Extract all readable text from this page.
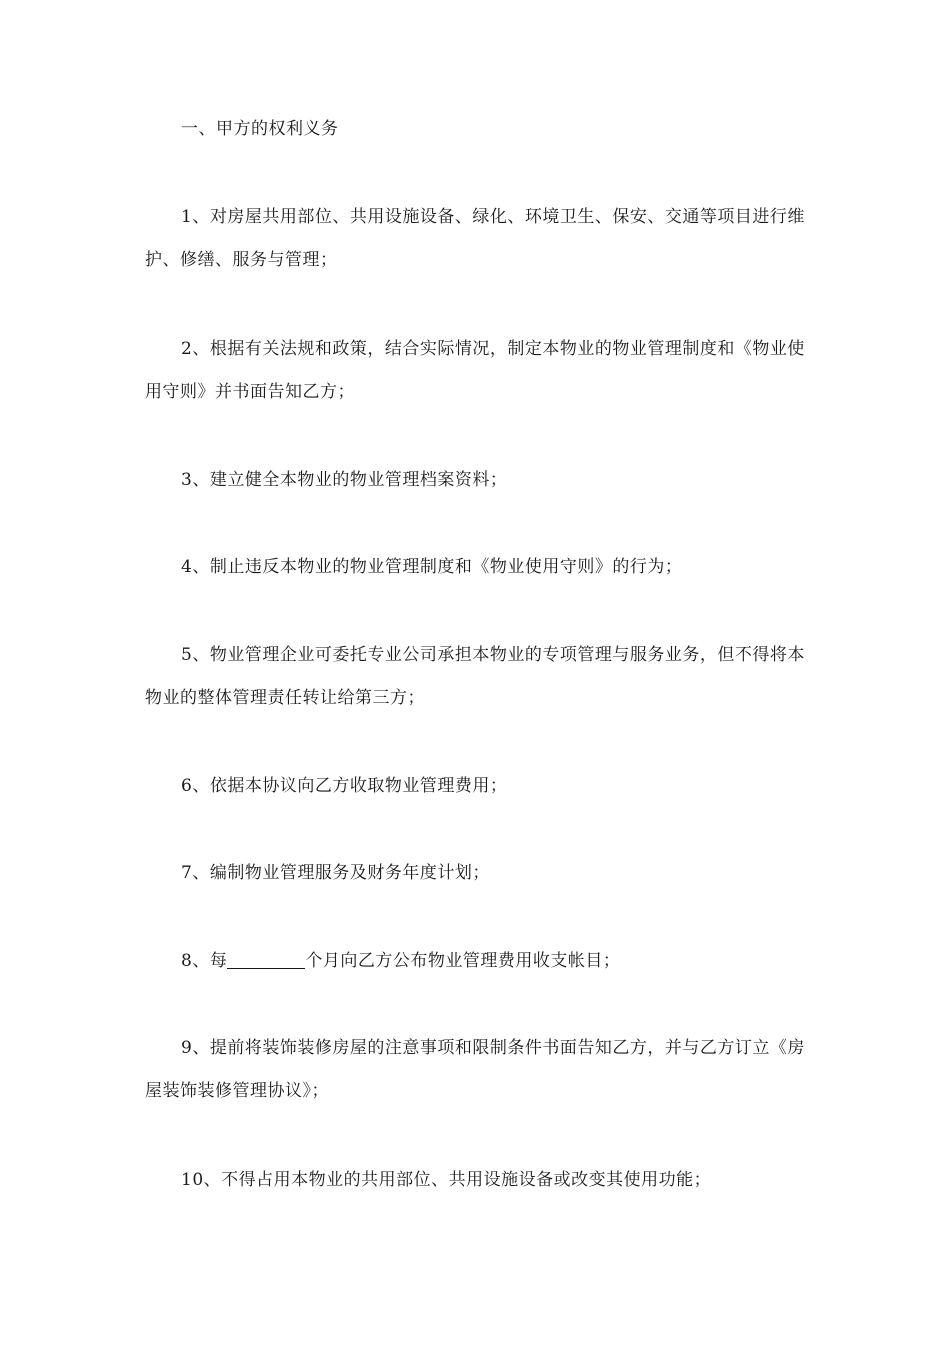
一、甲方的权利义务

1、对房屋共用部位、共用设施设备、绿化、环境卫生、保安、交通等项目进行维护、修缮、服务与管理；

2、根据有关法规和政策，结合实际情况，制定本物业的物业管理制度和《物业使用守则》并书面告知乙方；

3、建立健全本物业的物业管理档案资料；

4、制止违反本物业的物业管理制度和《物业使用守则》的行为；

5、物业管理企业可委托专业公司承担本物业的专项管理与服务业务，但不得将本物业的整体管理责任转让给第三方；

6、依据本协议向乙方收取物业管理费用；

7、编制物业管理服务及财务年度计划；

8、每	个月向乙方公布物业管理费用收支帐目；

9、提前将装饰装修房屋的注意事项和限制条件书面告知乙方，并与乙方订立《房屋装饰装修管理协议》；

10、不得占用本物业的共用部位、共用设施设备或改变其使用功能；
